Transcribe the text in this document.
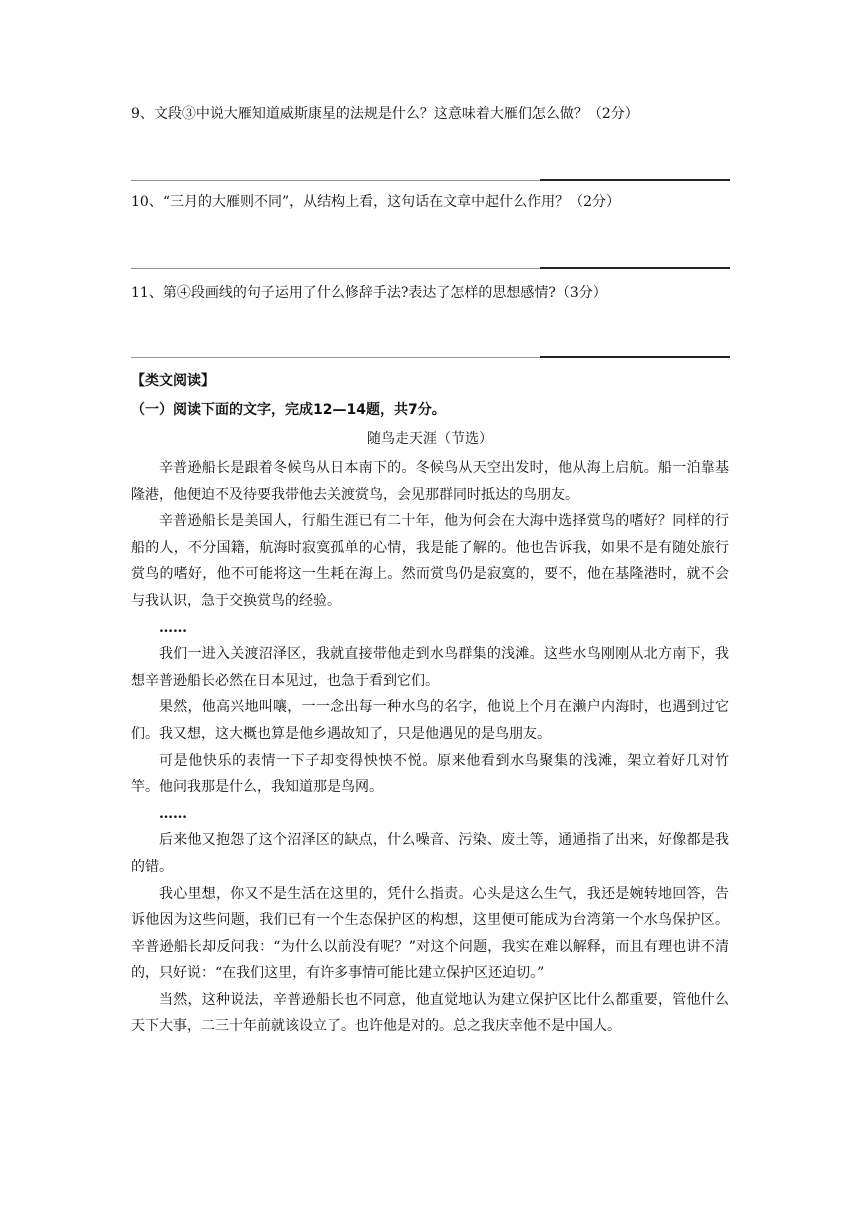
9、文段③中说大雁知道威斯康星的法规是什么？这意味着大雁们怎么做？（2分）
10、“三月的大雁则不同”，从结构上看，这句话在文章中起什么作用？（2分）
11、第④段画线的句子运用了什么修辞手法?表达了怎样的思想感情?（3分）
【类文阅读】
（一）阅读下面的文字，完成12—14题，共7分。
随鸟走天涯（节选）

辛普逊船长是跟着冬候鸟从日本南下的。冬候鸟从天空出发时，他从海上启航。船一泊靠基隆港，他便迫不及待要我带他去关渡赏鸟，会见那群同时抵达的鸟朋友。

辛普逊船长是美国人，行船生涯已有二十年，他为何会在大海中选择赏鸟的嗜好？同样的行船的人，不分国籍，航海时寂寞孤单的心情，我是能了解的。他也告诉我，如果不是有随处旅行赏鸟的嗜好，他不可能将这一生耗在海上。然而赏鸟仍是寂寞的，要不，他在基隆港时，就不会与我认识，急于交换赏鸟的经验。

……

我们一进入关渡沼泽区，我就直接带他走到水鸟群集的浅滩。这些水鸟刚刚从北方南下，我想辛普逊船长必然在日本见过，也急于看到它们。

果然，他高兴地叫嚷，一一念出每一种水鸟的名字，他说上个月在濑户内海时，也遇到过它们。我又想，这大概也算是他乡遇故知了，只是他遇见的是鸟朋友。

可是他快乐的表情一下子却变得怏怏不悦。原来他看到水鸟聚集的浅滩，架立着好几对竹竿。他问我那是什么，我知道那是鸟网。

……

后来他又抱怨了这个沼泽区的缺点，什么噪音、污染、废土等，通通指了出来，好像都是我的错。

我心里想，你又不是生活在这里的，凭什么指责。心头是这么生气，我还是婉转地回答，告诉他因为这些问题，我们已有一个生态保护区的构想，这里便可能成为台湾第一个水鸟保护区。辛普逊船长却反问我：“为什么以前没有呢？”对这个问题，我实在难以解释，而且有理也讲不清的，只好说：“在我们这里，有许多事情可能比建立保护区还迫切。”

当然，这种说法，辛普逊船长也不同意，他直觉地认为建立保护区比什么都重要，管他什么天下大事，二三十年前就该设立了。也许他是对的。总之我庆幸他不是中国人。
